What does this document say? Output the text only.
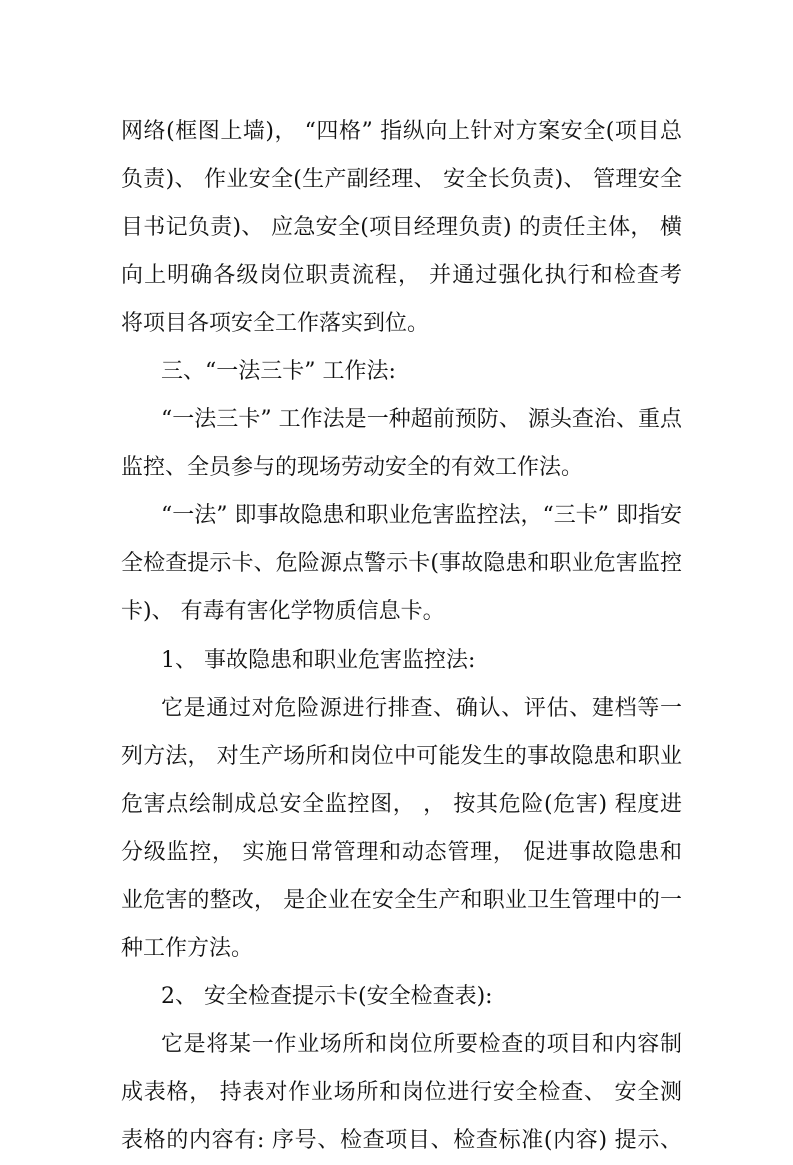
网络(框图上墙)， “四格” 指纵向上针对方案安全(项目总
负责)、 作业安全(生产副经理、 安全长负责)、 管理安全
目书记负责)、 应急安全(项目经理负责) 的责任主体， 横
向上明确各级岗位职责流程， 并通过强化执行和检查考
将项目各项安全工作落实到位。
三、“一法三卡” 工作法:
“一法三卡” 工作法是一种超前预防、 源头查治、重点
监控、全员参与的现场劳动安全的有效工作法。
“一法” 即事故隐患和职业危害监控法，“三卡” 即指安
全检查提示卡、危险源点警示卡(事故隐患和职业危害监控
卡)、 有毒有害化学物质信息卡。
1、 事故隐患和职业危害监控法:
它是通过对危险源进行排查、确认、评估、建档等一
列方法， 对生产场所和岗位中可能发生的事故隐患和职业
危害点绘制成总安全监控图， ， 按其危险(危害) 程度进
分级监控， 实施日常管理和动态管理， 促进事故隐患和
业危害的整改， 是企业在安全生产和职业卫生管理中的一
种工作方法。
2、 安全检查提示卡(安全检查表):
它是将某一作业场所和岗位所要检查的项目和内容制
成表格， 持表对作业场所和岗位进行安全检查、 安全测
表格的内容有: 序号、检查项目、检查标准(内容) 提示、
